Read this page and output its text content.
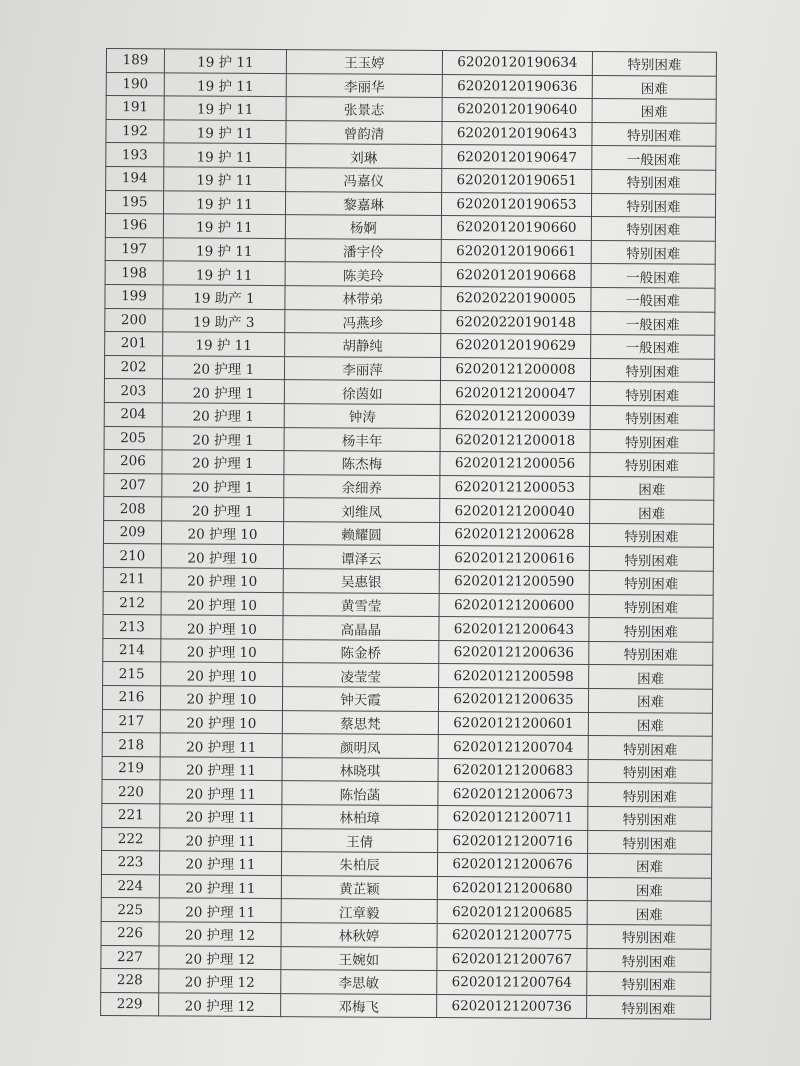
189	19 护 11	王玉婷	62020120190634	特别困难
190	19 护 11	李丽华	62020120190636	困难
191	19 护 11	张景志	62020120190640	困难
192	19 护 11	曾韵清	62020120190643	特别困难
193	19 护 11	刘琳	62020120190647	一般困难
194	19 护 11	冯嘉仪	62020120190651	特别困难
195	19 护 11	黎嘉琳	62020120190653	特别困难
196	19 护 11	杨婀	62020120190660	特别困难
197	19 护 11	潘宇伶	62020120190661	特别困难
198	19 护 11	陈美玲	62020120190668	一般困难
199	19 助产 1	林带弟	62020220190005	一般困难
200	19 助产 3	冯燕珍	62020220190148	一般困难
201	19 护 11	胡静纯	62020120190629	一般困难
202	20 护理 1	李丽萍	62020121200008	特别困难
203	20 护理 1	徐茵如	62020121200047	特别困难
204	20 护理 1	钟涛	62020121200039	特别困难
205	20 护理 1	杨丰年	62020121200018	特别困难
206	20 护理 1	陈杰梅	62020121200056	特别困难
207	20 护理 1	余细养	62020121200053	困难
208	20 护理 1	刘维凤	62020121200040	困难
209	20 护理 10	赖耀圆	62020121200628	特别困难
210	20 护理 10	谭泽云	62020121200616	特别困难
211	20 护理 10	吴惠银	62020121200590	特别困难
212	20 护理 10	黄雪莹	62020121200600	特别困难
213	20 护理 10	高晶晶	62020121200643	特别困难
214	20 护理 10	陈金桥	62020121200636	特别困难
215	20 护理 10	凌莹莹	62020121200598	困难
216	20 护理 10	钟天霞	62020121200635	困难
217	20 护理 10	蔡思梵	62020121200601	困难
218	20 护理 11	颜明凤	62020121200704	特别困难
219	20 护理 11	林晓琪	62020121200683	特别困难
220	20 护理 11	陈怡菡	62020121200673	特别困难
221	20 护理 11	林柏璋	62020121200711	特别困难
222	20 护理 11	王倩	62020121200716	特别困难
223	20 护理 11	朱柏辰	62020121200676	困难
224	20 护理 11	黄芷颖	62020121200680	困难
225	20 护理 11	江章毅	62020121200685	困难
226	20 护理 12	林秋婷	62020121200775	特别困难
227	20 护理 12	王婉如	62020121200767	特别困难
228	20 护理 12	李思敏	62020121200764	特别困难
229	20 护理 12	邓梅飞	62020121200736	特别困难
